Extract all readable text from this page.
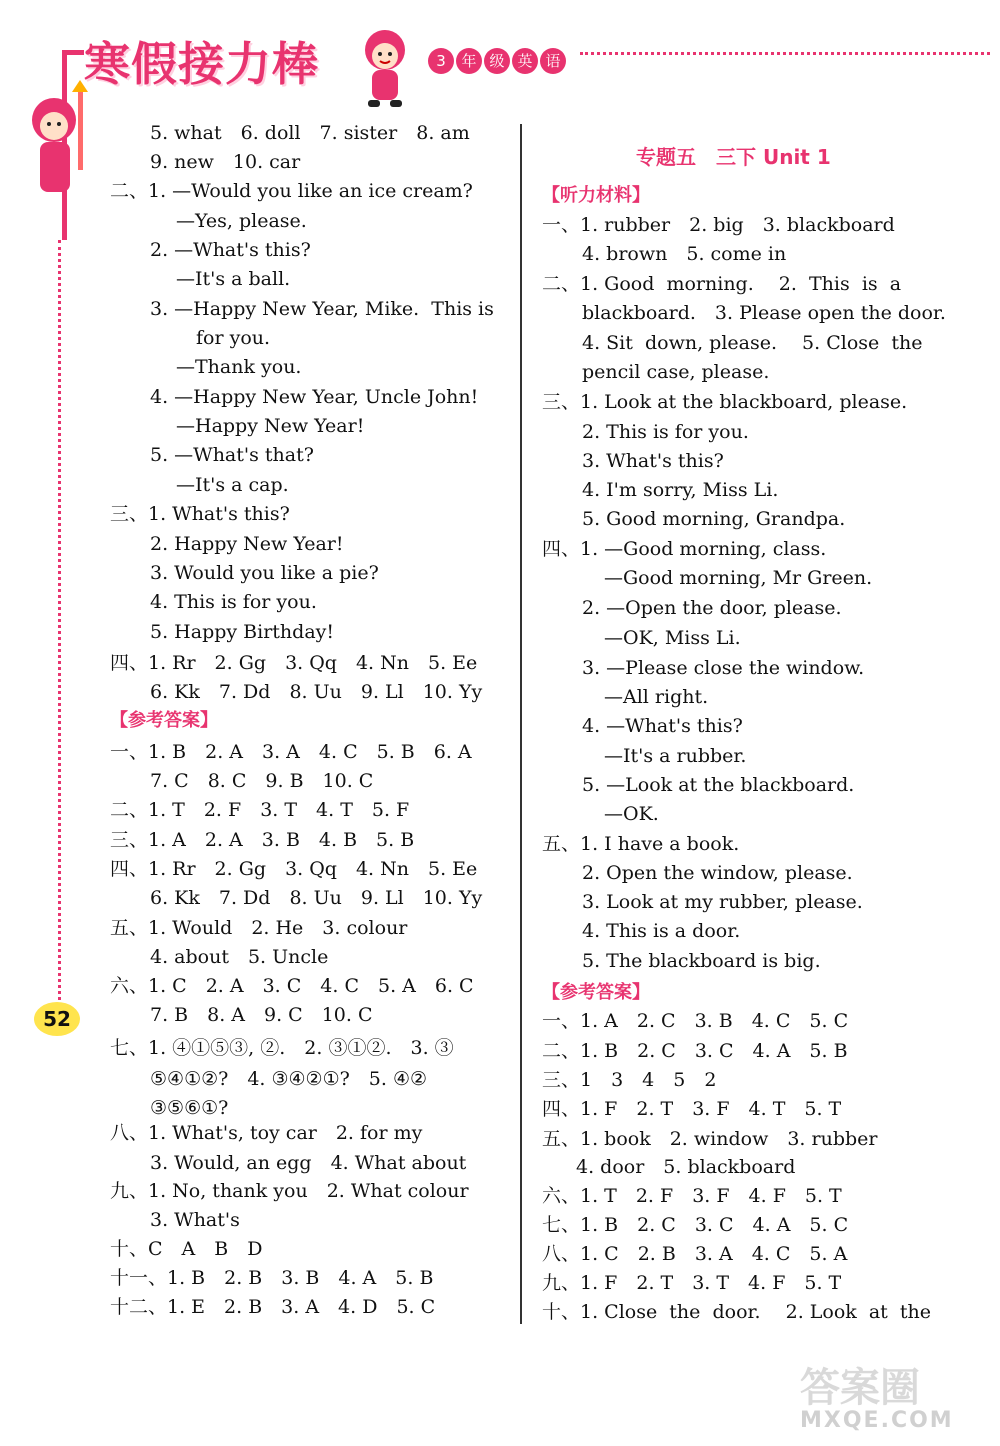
寒假接力棒	3	年 级 英 语
52
5. what　6. doll　7. sister　8. am
9. new　10. car
二、1. —Would you like an ice cream?
—Yes, please.
2. —What's this?
—It's a ball.
3. —Happy New Year, Mike.  This is
for you.
—Thank you.
4. —Happy New Year, Uncle John!
—Happy New Year!
5. —What's that?
—It's a cap.
三、1. What's this?
2. Happy New Year!
3. Would you like a pie?
4. This is for you.
5. Happy Birthday!
四、1. Rr　2. Gg　3. Qq　4. Nn　5. Ee
6. Kk　7. Dd　8. Uu　9. Ll　10. Yy
【参考答案】
一、1. B　2. A　3. A　4. C　5. B　6. A
7. C　8. C　9. B　10. C
二、1. T　2. F　3. T　4. T　5. F
三、1. A　2. A　3. B　4. B　5. B
四、1. Rr　2. Gg　3. Qq　4. Nn　5. Ee
6. Kk　7. Dd　8. Uu　9. Ll　10. Yy
五、1. Would　2. He　3. colour
4. about　5. Uncle
六、1. C　2. A　3. C　4. C　5. A　6. C
7. B　8. A　9. C　10. C
七、1. ④①⑤③, ②.　2. ③①②.　3. ③
⑤④①②?　4. ③④②①?　5. ④②
③⑤⑥①?
八、1. What's, toy car　2. for my
3. Would, an egg　4. What about
九、1. No, thank you　2. What colour
3. What's
十、C　A　B　D
十一、1. B　2. B　3. B　4. A　5. B
十二、1. E　2. B　3. A　4. D　5. C
【听力材料】
一、1. rubber　2. big　3. blackboard
4. brown　5. come in
二、1. Good  morning.　 2.  This  is  a
blackboard.　3. Please open the door.
4. Sit  down, please.　 5. Close  the
pencil case, please.
三、1. Look at the blackboard, please.
2. This is for you.
3. What's this?
4. I'm sorry, Miss Li.
5. Good morning, Grandpa.
四、1. —Good morning, class.
—Good morning, Mr Green.
2. —Open the door, please.
—OK, Miss Li.
3. —Please close the window.
—All right.
4. —What's this?
—It's a rubber.
5. —Look at the blackboard.
—OK.
五、1. I have a book.
2. Open the window, please.
3. Look at my rubber, please.
4. This is a door.
5. The blackboard is big.
【参考答案】
一、1. A　2. C　3. B　4. C　5. C
二、1. B　2. C　3. C　4. A　5. B
三、1　3　4　5　2
四、1. F　2. T　3. F　4. T　5. T
五、1. book　2. window　3. rubber
4. door　5. blackboard
六、1. T　2. F　3. F　4. F　5. T
七、1. B　2. C　3. C　4. A　5. C
八、1. C　2. B　3. A　4. C　5. A
九、1. F　2. T　3. T　4. F　5. T
十、1. Close  the  door.　 2. Look  at  the
专题五　三下 Unit 1
答案圈
MXQE.COM
